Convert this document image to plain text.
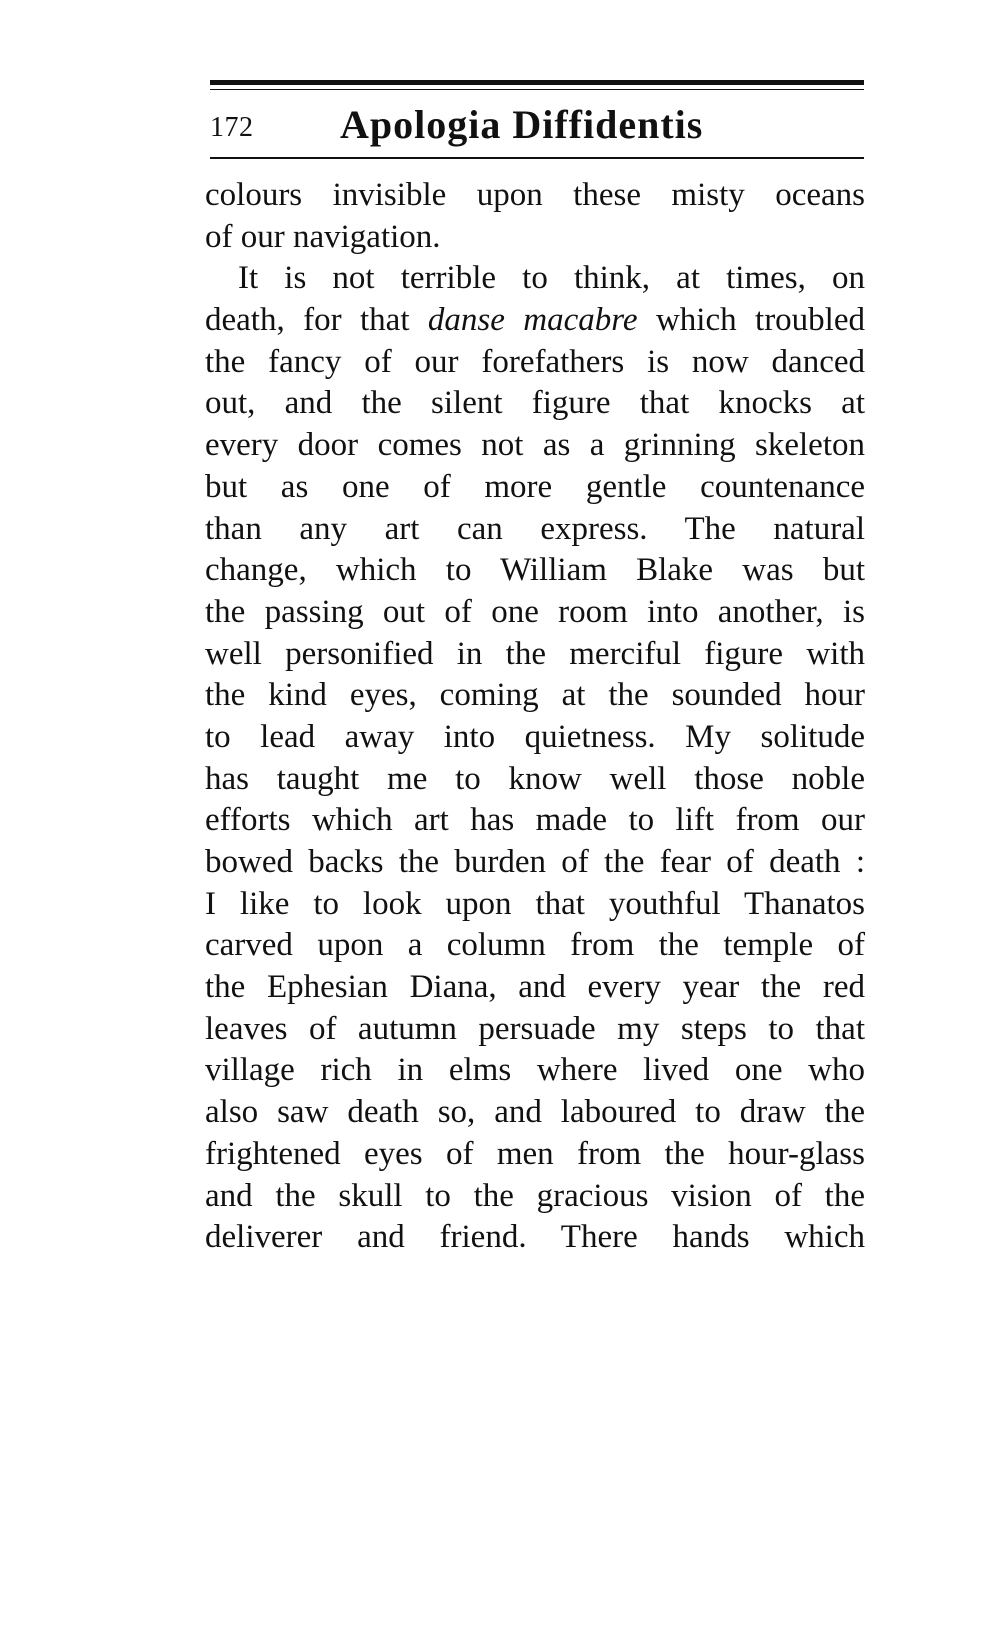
172 Apologia Diffidentis
colours invisible upon these misty oceans
of our navigation.
It is not terrible to think, at times, on
death, for that danse macabre which troubled
the fancy of our forefathers is now danced
out, and the silent figure that knocks at
every door comes not as a grinning skeleton
but as one of more gentle countenance
than any art can express. The natural
change, which to William Blake was but
the passing out of one room into another, is
well personified in the merciful figure with
the kind eyes, coming at the sounded hour
to lead away into quietness. My solitude
has taught me to know well those noble
efforts which art has made to lift from our
bowed backs the burden of the fear of death :
I like to look upon that youthful Thanatos
carved upon a column from the temple of
the Ephesian Diana, and every year the red
leaves of autumn persuade my steps to that
village rich in elms where lived one who
also saw death so, and laboured to draw the
frightened eyes of men from the hour-glass
and the skull to the gracious vision of the
deliverer and friend. There hands which
